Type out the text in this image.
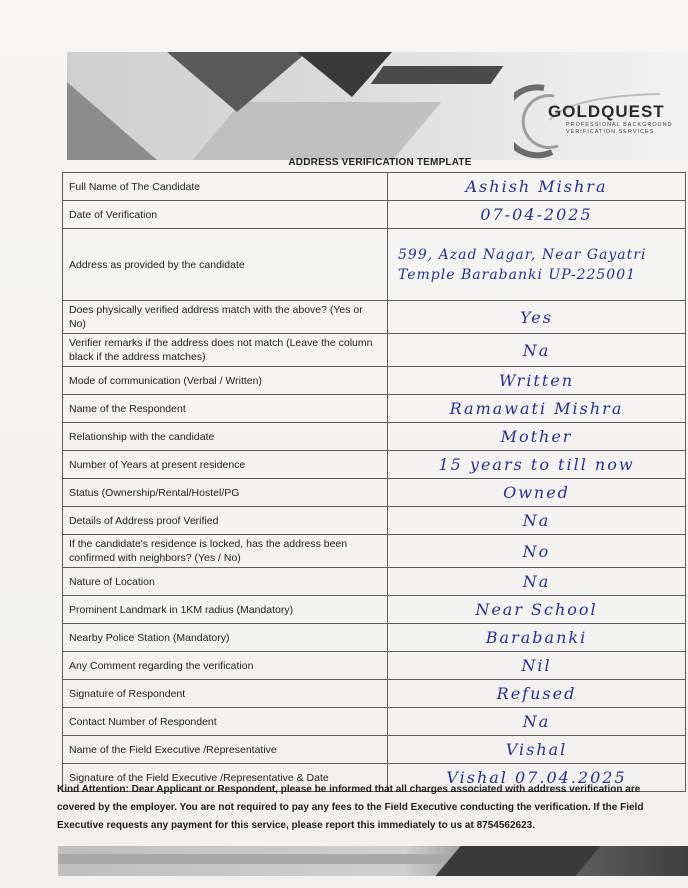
GOLDQUEST
PROFESSIONAL BACKGROUND
VERIFICATION SERVICES
ADDRESS VERIFICATION TEMPLATE
Full Name of The Candidate	Ashish Mishra

Date of Verification	07-04-2025

Address as provided by the candidate	599, Azad Nagar, Near Gayatri
Temple Barabanki UP-225001

Does physically verified address match with the above? (Yes or No)	Yes

Verifier remarks if the address does not match (Leave the column black if the address matches)	Na

Mode of communication (Verbal / Written)	Written

Name of the Respondent	Ramawati Mishra

Relationship with the candidate	Mother

Number of Years at present residence	15 years to till now

Status (Ownership/Rental/Hostel/PG	Owned

Details of Address proof Verified	Na

If the candidate's residence is locked, has the address been confirmed with neighbors? (Yes / No)	No

Nature of Location	Na

Prominent Landmark in 1KM radius (Mandatory)	Near School

Nearby Police Station (Mandatory)	Barabanki

Any Comment regarding the verification	Nil

Signature of Respondent	Refused

Contact Number of Respondent	Na

Name of the Field Executive /Representative	Vishal

Signature of the Field Executive /Representative & Date	Vishal 07.04.2025
Kind Attention: Dear Applicant or Respondent, please be informed that all charges associated with address verification are covered by the employer. You are not required to pay any fees to the Field Executive conducting the verification. If the Field Executive requests any payment for this service, please report this immediately to us at 8754562623.
